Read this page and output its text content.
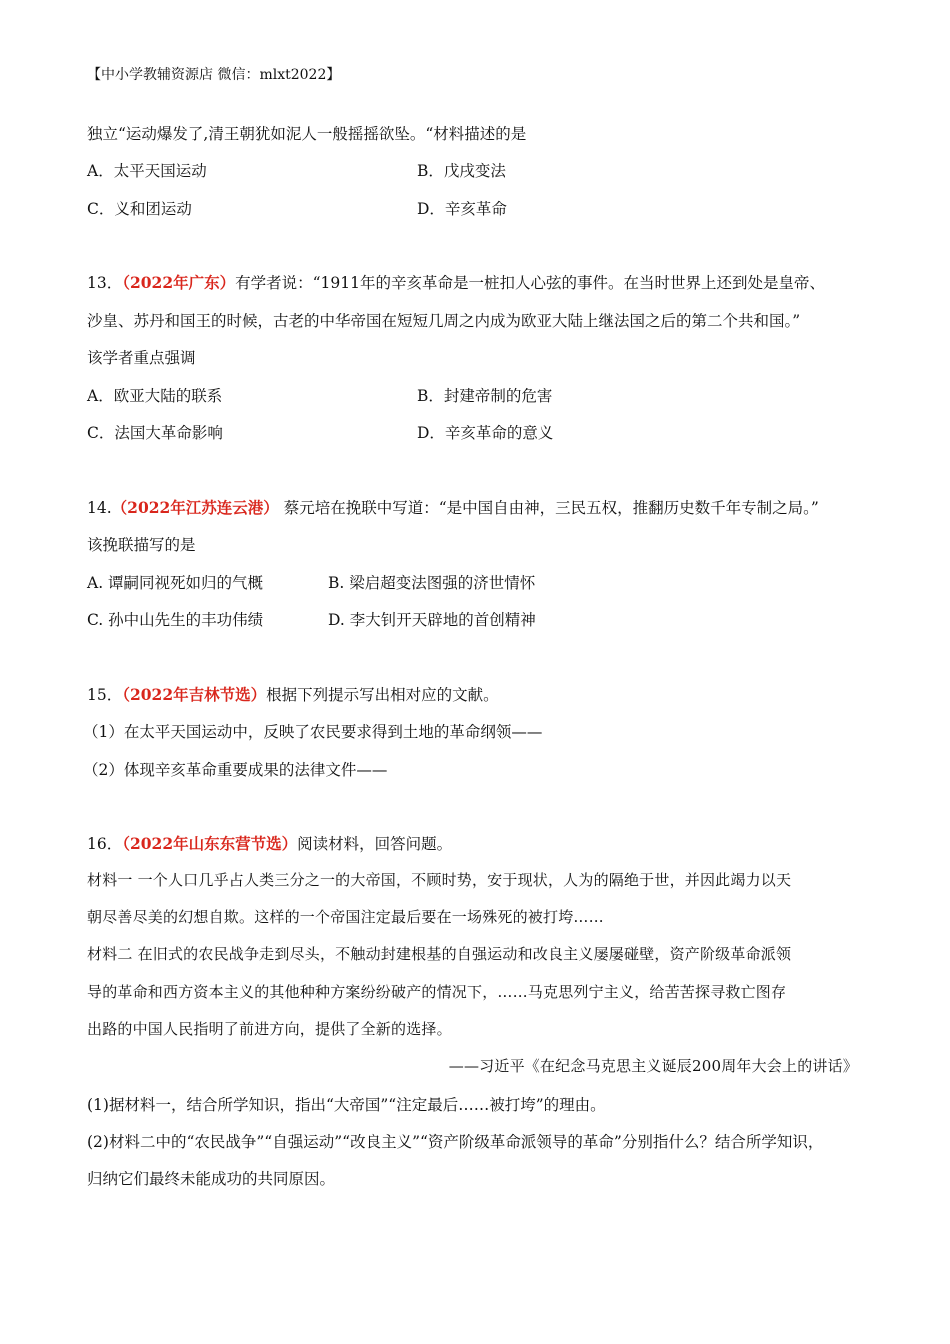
【中小学教辅资源店 微信：mlxt2022】
独立“运动爆发了,清王朝犹如泥人一般摇摇欲坠。“材料描述的是
A．太平天国运动	B．戊戌变法
C．义和团运动	D．辛亥革命
13．（2022年广东）有学者说：“1911年的辛亥革命是一桩扣人心弦的事件。在当时世界上还到处是皇帝、
沙皇、苏丹和国王的时候，古老的中华帝国在短短几周之内成为欧亚大陆上继法国之后的第二个共和国。”
该学者重点强调
A．欧亚大陆的联系	B．封建帝制的危害
C．法国大革命影响	D．辛亥革命的意义
14.（2022年江苏连云港） 蔡元培在挽联中写道：“是中国自由神，三民五权，推翻历史数千年专制之局。”
该挽联描写的是
A. 谭嗣同视死如归的气概	B. 梁启超变法图强的济世情怀
C. 孙中山先生的丰功伟绩	D. 李大钊开天辟地的首创精神
15．（2022年吉林节选）根据下列提示写出相对应的文献。
（1）在太平天国运动中，反映了农民要求得到土地的革命纲领——
（2）体现辛亥革命重要成果的法律文件——
16．（2022年山东东营节选）阅读材料，回答问题。
材料一 一个人口几乎占人类三分之一的大帝国，不顾时势，安于现状，人为的隔绝于世，并因此竭力以天
朝尽善尽美的幻想自欺。这样的一个帝国注定最后要在一场殊死的被打垮……
材料二 在旧式的农民战争走到尽头，不触动封建根基的自强运动和改良主义屡屡碰壁，资产阶级革命派领
导的革命和西方资本主义的其他种种方案纷纷破产的情况下，……马克思列宁主义，给苦苦探寻救亡图存
出路的中国人民指明了前进方向，提供了全新的选择。
——习近平《在纪念马克思主义诞辰200周年大会上的讲话》
(1)据材料一，结合所学知识，指出“大帝国”“注定最后……被打垮”的理由。
(2)材料二中的“农民战争”“自强运动”“改良主义”“资产阶级革命派领导的革命”分别指什么？结合所学知识，
归纳它们最终未能成功的共同原因。
